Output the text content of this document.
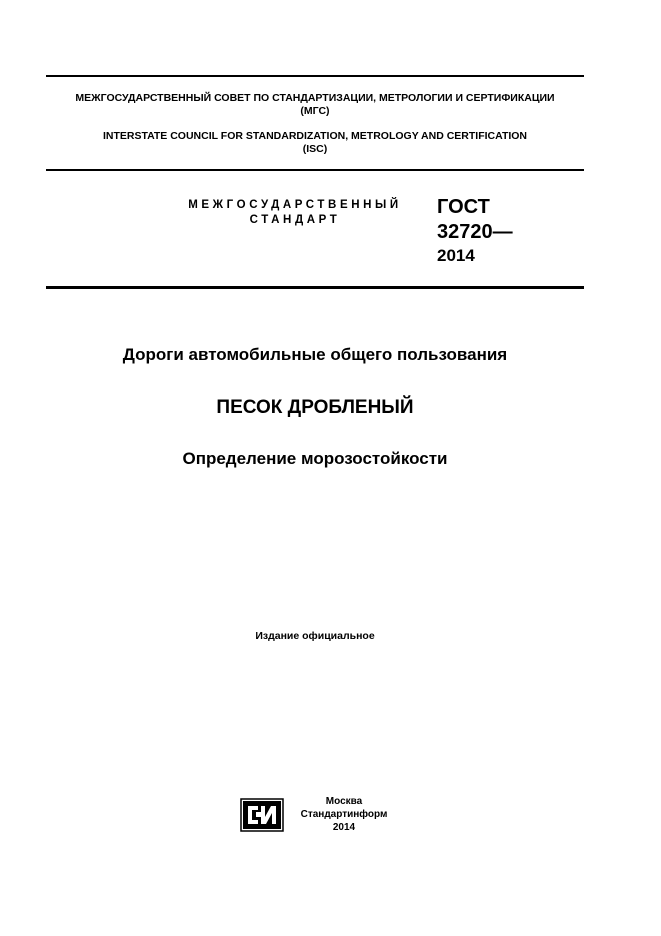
МЕЖГОСУДАРСТВЕННЫЙ СОВЕТ ПО СТАНДАРТИЗАЦИИ, МЕТРОЛОГИИ И СЕРТИФИКАЦИИ
(МГС)
INTERSTATE COUNCIL FOR STANDARDIZATION, METROLOGY AND CERTIFICATION
(ISC)
МЕЖГОСУДАРСТВЕННЫЙ
СТАНДАРТ
ГОСТ
32720—
2014
Дороги автомобильные общего пользования
ПЕСОК ДРОБЛЕНЫЙ
Определение морозостойкости
Издание официальное
Москва
Стандартинформ
2014
